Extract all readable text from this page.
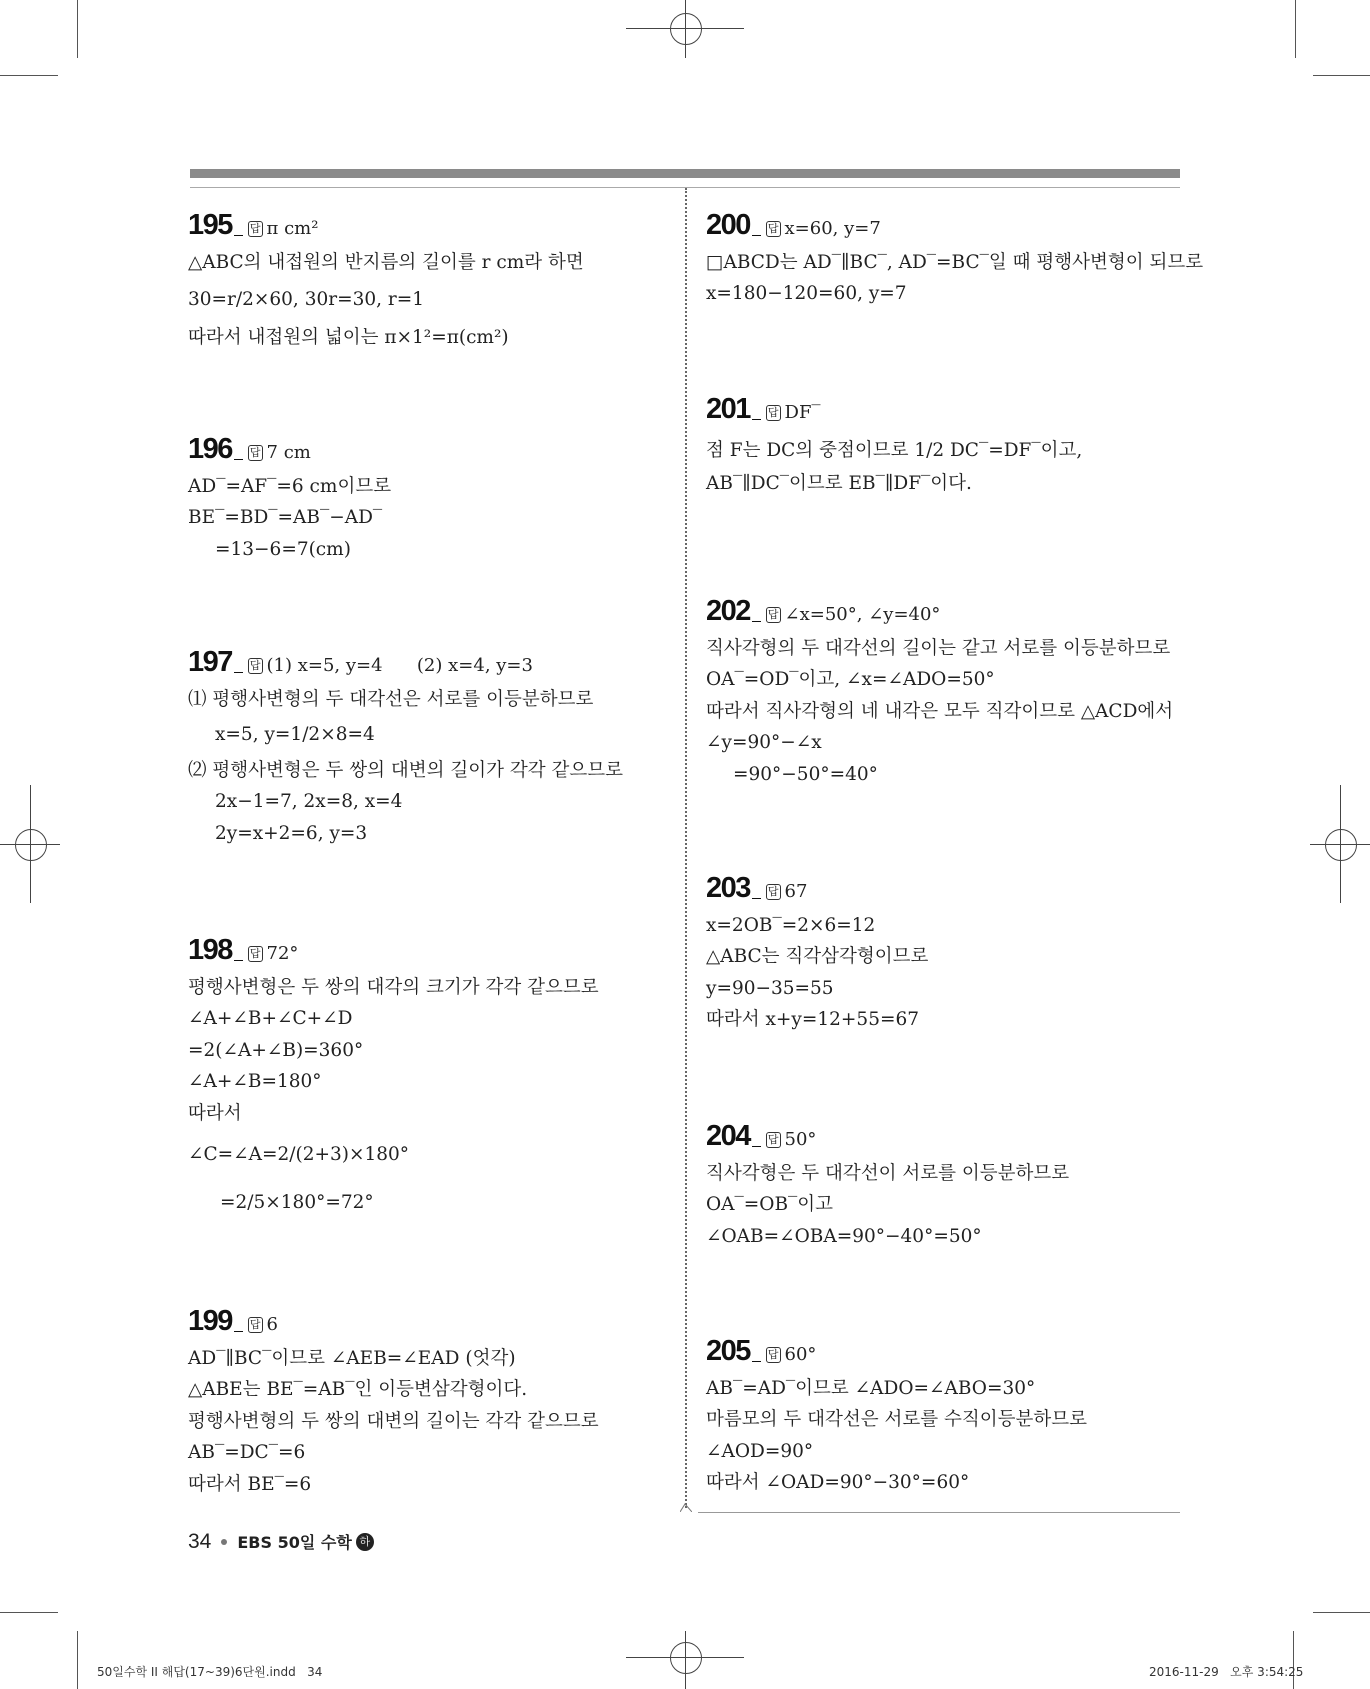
195 답 π cm²
△ABC의 내접원의 반지름의 길이를 r cm라 하면
30=r/2×60, 30r=30, r=1
따라서 내접원의 넓이는 π×1²=π(cm²)
196 답 7 cm
AD‾=AF‾=6 cm이므로
BE‾=BD‾=AB‾−AD‾
=13−6=7(cm)
197 답 (1) x=5, y=4      (2) x=4, y=3
⑴ 평행사변형의 두 대각선은 서로를 이등분하므로
x=5, y=1/2×8=4
⑵ 평행사변형은 두 쌍의 대변의 길이가 각각 같으므로
2x−1=7, 2x=8, x=4
2y=x+2=6, y=3
198 답 72°
평행사변형은 두 쌍의 대각의 크기가 각각 같으므로
∠A+∠B+∠C+∠D
=2(∠A+∠B)=360°
∠A+∠B=180°
따라서
∠C=∠A=2/(2+3)×180°
=2/5×180°=72°
199 답 6
AD‾∥BC‾이므로 ∠AEB=∠EAD (엇각)
△ABE는 BE‾=AB‾인 이등변삼각형이다.
평행사변형의 두 쌍의 대변의 길이는 각각 같으므로
AB‾=DC‾=6
따라서 BE‾=6
200 답 x=60, y=7
□ABCD는 AD‾∥BC‾, AD‾=BC‾일 때 평행사변형이 되므로
x=180−120=60, y=7
201 답 DF‾
점 F는 DC의 중점이므로 1/2 DC‾=DF‾이고,
AB‾∥DC‾이므로 EB‾∥DF‾이다.
202 답 ∠x=50°, ∠y=40°
직사각형의 두 대각선의 길이는 같고 서로를 이등분하므로
OA‾=OD‾이고, ∠x=∠ADO=50°
따라서 직사각형의 네 내각은 모두 직각이므로 △ACD에서
∠y=90°−∠x
=90°−50°=40°
203 답 67
x=2OB‾=2×6=12
△ABC는 직각삼각형이므로
y=90−35=55
따라서 x+y=12+55=67
204 답 50°
직사각형은 두 대각선이 서로를 이등분하므로
OA‾=OB‾이고
∠OAB=∠OBA=90°−40°=50°
205 답 60°
AB‾=AD‾이므로 ∠ADO=∠ABO=30°
마름모의 두 대각선은 서로를 수직이등분하므로
∠AOD=90°
따라서 ∠OAD=90°−30°=60°
34 EBS 50일 수학 하
50일수학 II 해답(17~39)6단원.indd   34	2016-11-29   오후 3:54:25
